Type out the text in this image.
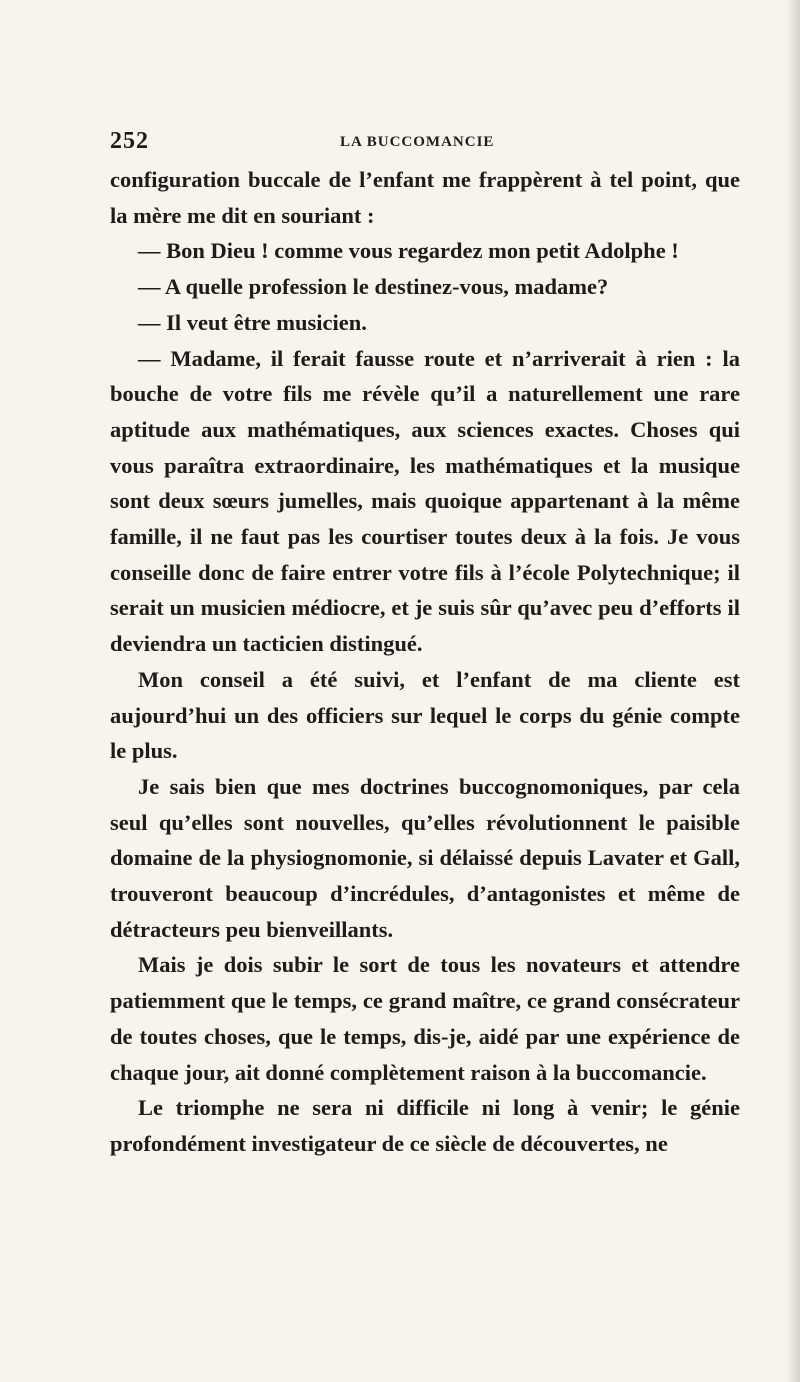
252	LA BUCCOMANCIE

configuration buccale de l’enfant me frappèrent à tel point, que la mère me dit en souriant :

— Bon Dieu ! comme vous regardez mon petit Adolphe !

— A quelle profession le destinez-vous, madame?

— Il veut être musicien.

— Madame, il ferait fausse route et n’arriverait à rien : la bouche de votre fils me révèle qu’il a naturellement une rare aptitude aux mathématiques, aux sciences exactes. Choses qui vous paraîtra extraordinaire, les mathématiques et la musique sont deux sœurs jumelles, mais quoique appartenant à la même famille, il ne faut pas les courtiser toutes deux à la fois. Je vous conseille donc de faire entrer votre fils à l’école Polytechnique; il serait un musicien médiocre, et je suis sûr qu’avec peu d’efforts il deviendra un tacticien distingué.

Mon conseil a été suivi, et l’enfant de ma cliente est aujourd’hui un des officiers sur lequel le corps du génie compte le plus.

Je sais bien que mes doctrines buccognomoniques, par cela seul qu’elles sont nouvelles, qu’elles révolutionnent le paisible domaine de la physiognomonie, si délaissé depuis Lavater et Gall, trouveront beaucoup d’incrédules, d’antagonistes et même de détracteurs peu bienveillants.

Mais je dois subir le sort de tous les novateurs et attendre patiemment que le temps, ce grand maître, ce grand consécrateur de toutes choses, que le temps, dis-je, aidé par une expérience de chaque jour, ait donné complètement raison à la buccomancie.

Le triomphe ne sera ni difficile ni long à venir; le génie profondément investigateur de ce siècle de découvertes, ne
